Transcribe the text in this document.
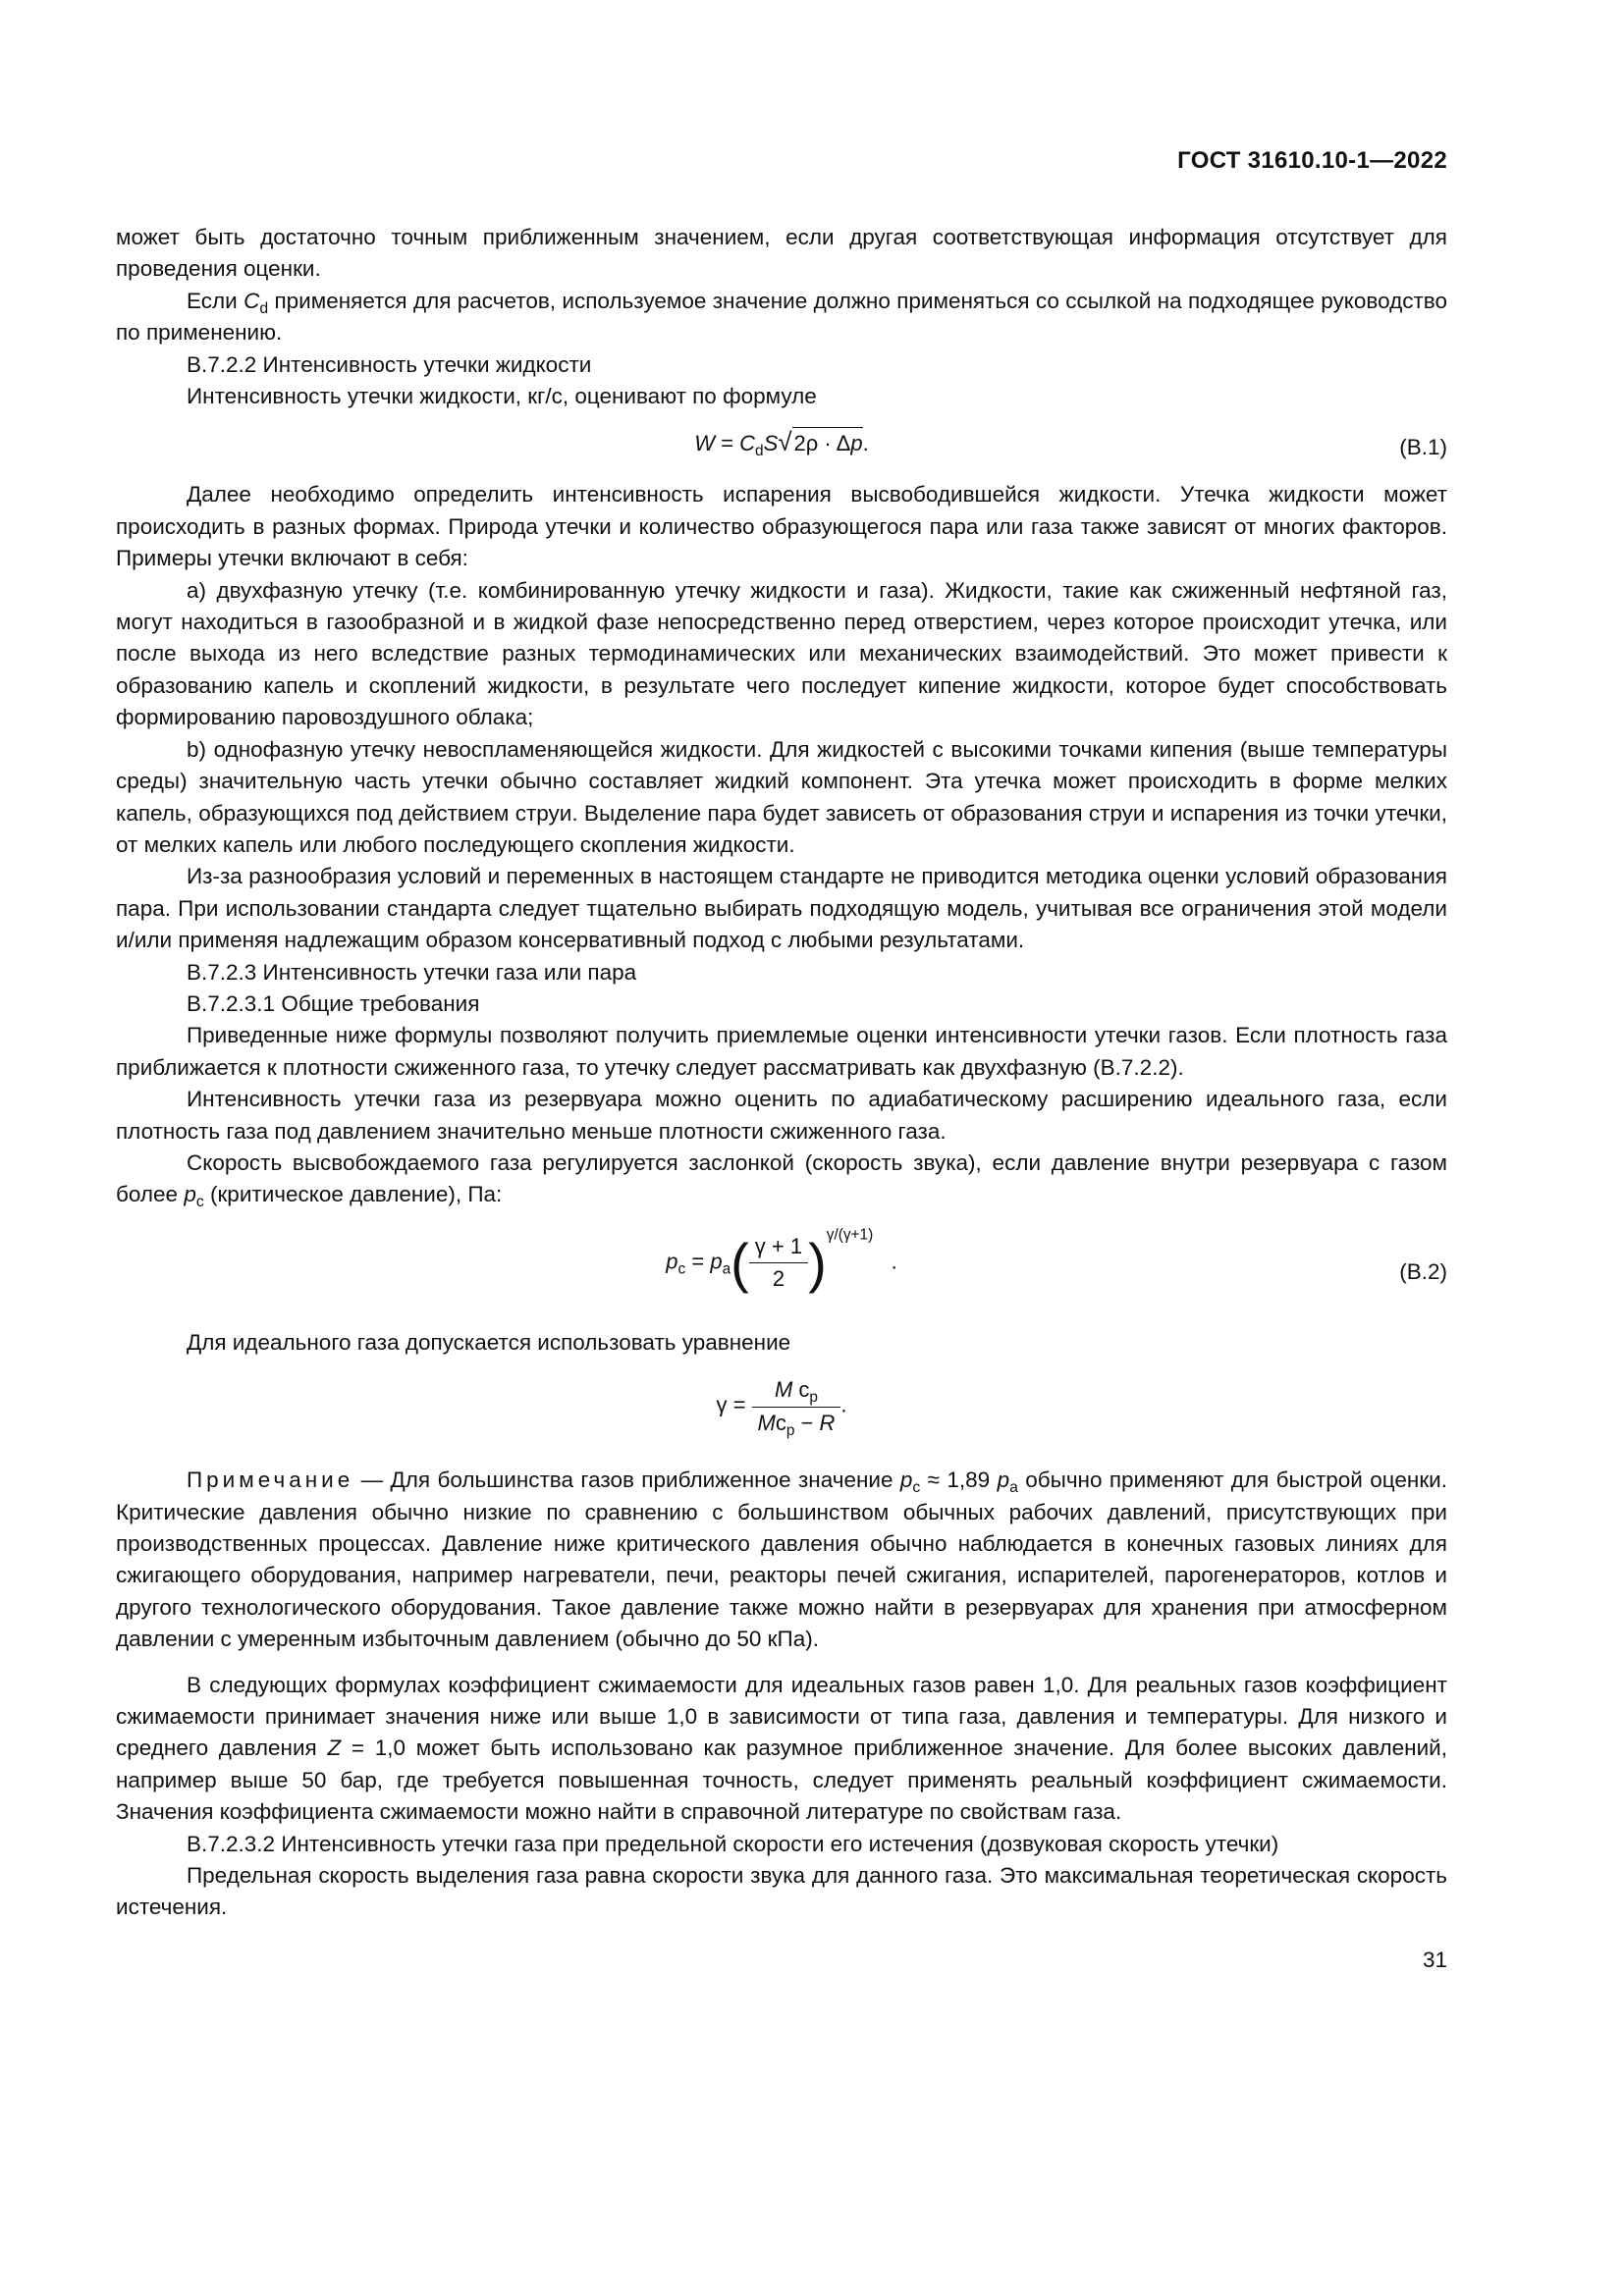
ГОСТ 31610.10-1—2022

может быть достаточно точным приближенным значением, если другая соответствующая информация отсутствует для проведения оценки.

Если $C_d$ применяется для расчетов, используемое значение должно применяться со ссылкой на подходящее руководство по применению.

В.7.2.2 Интенсивность утечки жидкости

Интенсивность утечки жидкости, кг/с, оценивают по формуле

$W = C_dS√2\rho \cdot \Delta p$.	(В.1)

Далее необходимо определить интенсивность испарения высвободившейся жидкости. Утечка жидкости может происходить в разных формах. Природа утечки и количество образующегося пара или газа также зависят от многих факторов. Примеры утечки включают в себя:

a) двухфазную утечку (т.е. комбинированную утечку жидкости и газа). Жидкости, такие как сжиженный нефтяной газ, могут находиться в газообразной и в жидкой фазе непосредственно перед отверстием, через которое происходит утечка, или после выхода из него вследствие разных термодинамических или механических взаимодействий. Это может привести к образованию капель и скоплений жидкости, в результате чего последует кипение жидкости, которое будет способствовать формированию паровоздушного облака;

b) однофазную утечку невоспламеняющейся жидкости. Для жидкостей с высокими точками кипения (выше температуры среды) значительную часть утечки обычно составляет жидкий компонент. Эта утечка может происходить в форме мелких капель, образующихся под действием струи. Выделение пара будет зависеть от образования струи и испарения из точки утечки, от мелких капель или любого последующего скопления жидкости.

Из-за разнообразия условий и переменных в настоящем стандарте не приводится методика оценки условий образования пара. При использовании стандарта следует тщательно выбирать подходящую модель, учитывая все ограничения этой модели и/или применяя надлежащим образом консервативный подход с любыми результатами.

В.7.2.3 Интенсивность утечки газа или пара

В.7.2.3.1 Общие требования

Приведенные ниже формулы позволяют получить приемлемые оценки интенсивности утечки газов. Если плотность газа приближается к плотности сжиженного газа, то утечку следует рассматривать как двухфазную (В.7.2.2).

Интенсивность утечки газа из резервуара можно оценить по адиабатическому расширению идеального газа, если плотность газа под давлением значительно меньше плотности сжиженного газа.

Скорость высвобождаемого газа регулируется заслонкой (скорость звука), если давление внутри резервуара с газом более $p_c$ (критическое давление), Па:

$p_c = p_a( \frac{\gamma + 1}{2} )^{\gamma/(\gamma+1)}$   .	(В.2)

Для идеального газа допускается использовать уравнение

$\gamma = \frac{M c_p}{Mc_p - R}$ .

Примечание — Для большинства газов приближенное значение $p_c \approx 1,89$ $p_a$ обычно применяют для быстрой оценки. Критические давления обычно низкие по сравнению с большинством обычных рабочих давлений, присутствующих при производственных процессах. Давление ниже критического давления обычно наблюдается в конечных газовых линиях для сжигающего оборудования, например нагреватели, печи, реакторы печей сжигания, испарителей, парогенераторов, котлов и другого технологического оборудования. Такое давление также можно найти в резервуарах для хранения при атмосферном давлении с умеренным избыточным давлением (обычно до 50 кПа).

В следующих формулах коэффициент сжимаемости для идеальных газов равен 1,0. Для реальных газов коэффициент сжимаемости принимает значения ниже или выше 1,0 в зависимости от типа газа, давления и температуры. Для низкого и среднего давления Z = 1,0 может быть использовано как разумное приближенное значение. Для более высоких давлений, например выше 50 бар, где требуется повышенная точность, следует применять реальный коэффициент сжимаемости. Значения коэффициента сжимаемости можно найти в справочной литературе по свойствам газа.

В.7.2.3.2 Интенсивность утечки газа при предельной скорости его истечения (дозвуковая скорость утечки)

Предельная скорость выделения газа равна скорости звука для данного газа. Это максимальная теоретическая скорость истечения.

31
